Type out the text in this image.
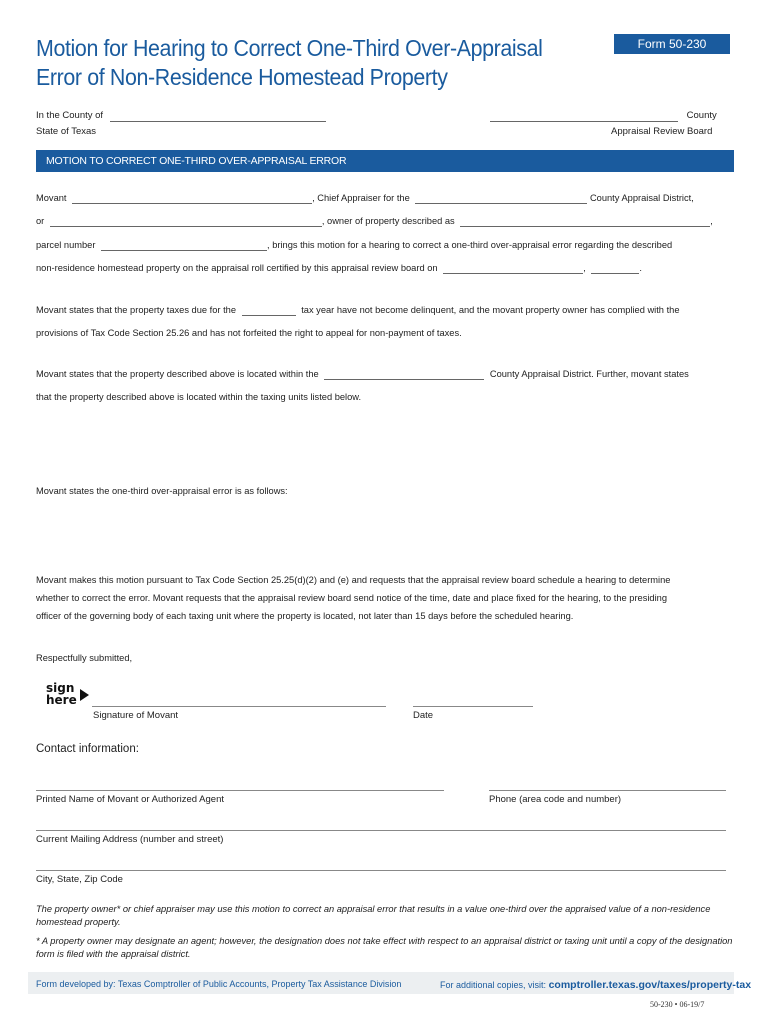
Motion for Hearing to Correct One-Third Over-Appraisal
Error of Non-Residence Homestead Property
Form 50-230
In the County of
State of Texas
County
Appraisal Review Board
MOTION TO CORRECT ONE-THIRD OVER-APPRAISAL ERROR
Movant	, Chief Appraiser for the	County Appraisal District,
or	, owner of property described as	,
parcel number	, brings this motion for a hearing to correct a one-third over-appraisal error regarding the described
non-residence homestead property on the appraisal roll certified by this appraisal review board on	,	.
Movant states that the property taxes due for the	tax year have not become delinquent, and the movant property owner has complied with the
provisions of Tax Code Section 25.26 and has not forfeited the right to appeal for non-payment of taxes.
Movant states that the property described above is located within the	County Appraisal District. Further, movant states
that the property described above is located within the taxing units listed below.
Movant states the one-third over-appraisal error is as follows:
Movant makes this motion pursuant to Tax Code Section 25.25(d)(2) and (e) and requests that the appraisal review board schedule a hearing to determine
whether to correct the error. Movant requests that the appraisal review board send notice of the time, date and place fixed for the hearing, to the presiding
officer of the governing body of each taxing unit where the property is located, not later than 15 days before the scheduled hearing.
Respectfully submitted,
sign
here
Signature of Movant	Date
Contact information:
Printed Name of Movant or Authorized Agent	Phone (area code and number)
Current Mailing Address (number and street)
City, State, Zip Code
The property owner* or chief appraiser may use this motion to correct an appraisal error that results in a value one-third over the appraised value of a non-residence homestead property.
* A property owner may designate an agent; however, the designation does not take effect with respect to an appraisal district or taxing unit until a copy of the designation form is filed with the appraisal district.
Form developed by: Texas Comptroller of Public Accounts, Property Tax Assistance Division	For additional copies, visit: comptroller.texas.gov/taxes/property-tax
50-230 • 06-19/7
